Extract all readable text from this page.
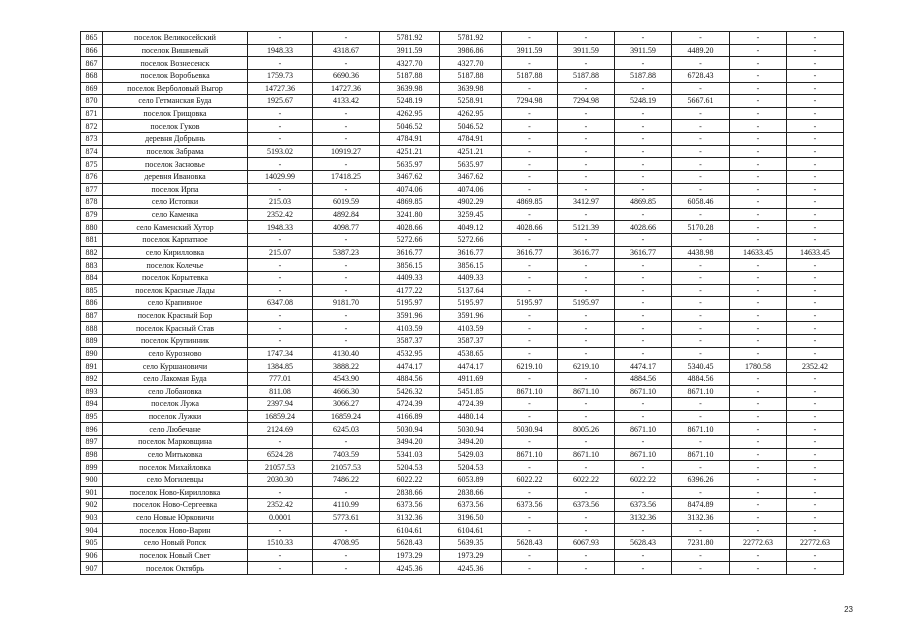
865	поселок Великосейский	-	-	5781.92	5781.92	-	-	-	-	-	-
866	поселок Вишневый	1948.33	4318.67	3911.59	3986.86	3911.59	3911.59	3911.59	4489.20	-	-
867	поселок Вознесенск	-	-	4327.70	4327.70	-	-	-	-	-	-
868	поселок Воробьевка	1759.73	6690.36	5187.88	5187.88	5187.88	5187.88	5187.88	6728.43	-	-
869	поселок Верболовый Выгор	14727.36	14727.36	3639.98	3639.98	-	-	-	-	-	-
870	село Гетманская Буда	1925.67	4133.42	5248.19	5258.91	7294.98	7294.98	5248.19	5667.61	-	-
871	поселок Грищовка	-	-	4262.95	4262.95	-	-	-	-	-	-
872	поселок Гуков	-	-	5046.52	5046.52	-	-	-	-	-	-
873	деревня Добрынь	-	-	4784.91	4784.91	-	-	-	-	-	-
874	поселок Забрама	5193.02	10919.27	4251.21	4251.21	-	-	-	-	-	-
875	поселок Засновье	-	-	5635.97	5635.97	-	-	-	-	-	-
876	деревня Ивановка	14029.99	17418.25	3467.62	3467.62	-	-	-	-	-	-
877	поселок Ирпа	-	-	4074.06	4074.06	-	-	-	-	-	-
878	село Истопки	215.03	6019.59	4869.85	4902.29	4869.85	3412.97	4869.85	6058.46	-	-
879	село Каменка	2352.42	4892.84	3241.80	3259.45	-	-	-	-	-	-
880	село Каменский Хутор	1948.33	4098.77	4028.66	4049.12	4028.66	5121.39	4028.66	5170.28	-	-
881	поселок Карпатное	-	-	5272.66	5272.66	-	-	-	-	-	-
882	село Кирилловка	215.07	5387.23	3616.77	3616.77	3616.77	3616.77	3616.77	4438.98	14633.45	14633.45
883	поселок Колечье	-	-	3856.15	3856.15	-	-	-	-	-	-
884	поселок Корытевка	-	-	4409.33	4409.33	-	-	-	-	-	-
885	поселок Красные Лады	-	-	4177.22	5137.64	-	-	-	-	-	-
886	село Крапивное	6347.08	9181.70	5195.97	5195.97	5195.97	5195.97	-	-	-	-
887	поселок Красный Бор	-	-	3591.96	3591.96	-	-	-	-	-	-
888	поселок Красный Став	-	-	4103.59	4103.59	-	-	-	-	-	-
889	поселок Крупинник	-	-	3587.37	3587.37	-	-	-	-	-	-
890	село Курозново	1747.34	4130.40	4532.95	4538.65	-	-	-	-	-	-
891	село Куршановичи	1384.85	3888.22	4474.17	4474.17	6219.10	6219.10	4474.17	5340.45	1780.58	2352.42
892	село Лакомая Буда	777.01	4543.90	4884.56	4911.69	-	-	4884.56	4884.56	-	-
893	село Лобановка	811.08	4666.30	5426.32	5451.85	8671.10	8671.10	8671.10	8671.10	-	-
894	поселок Лужа	2397.94	3066.27	4724.39	4724.39	-	-	-	-	-	-
895	поселок Лужки	16859.24	16859.24	4166.89	4480.14	-	-	-	-	-	-
896	село Любечане	2124.69	6245.03	5030.94	5030.94	5030.94	8005.26	8671.10	8671.10	-	-
897	поселок Марковщина	-	-	3494.20	3494.20	-	-	-	-	-	-
898	село Митьковка	6524.28	7403.59	5341.03	5429.03	8671.10	8671.10	8671.10	8671.10	-	-
899	поселок Михайловка	21057.53	21057.53	5204.53	5204.53	-	-	-	-	-	-
900	село Могилевцы	2030.30	7486.22	6022.22	6053.89	6022.22	6022.22	6022.22	6396.26	-	-
901	поселок Ново-Кирилловка	-	-	2838.66	2838.66	-	-	-	-	-	-
902	поселок Ново-Сергеевка	2352.42	4110.99	6373.56	6373.56	6373.56	6373.56	6373.56	8474.89	-	-
903	село Новые Юрковичи	0.0001	5773.61	3132.36	3196.50	-	-	3132.36	3132.36	-	-
904	поселок Ново-Варин	-	-	6104.61	6104.61	-	-	-	-	-	-
905	село Новый Ропск	1510.33	4708.95	5628.43	5639.35	5628.43	6067.93	5628.43	7231.80	22772.63	22772.63
906	поселок Новый Свет	-	-	1973.29	1973.29	-	-	-	-	-	-
907	поселок Октябрь	-	-	4245.36	4245.36	-	-	-	-	-	-
23
